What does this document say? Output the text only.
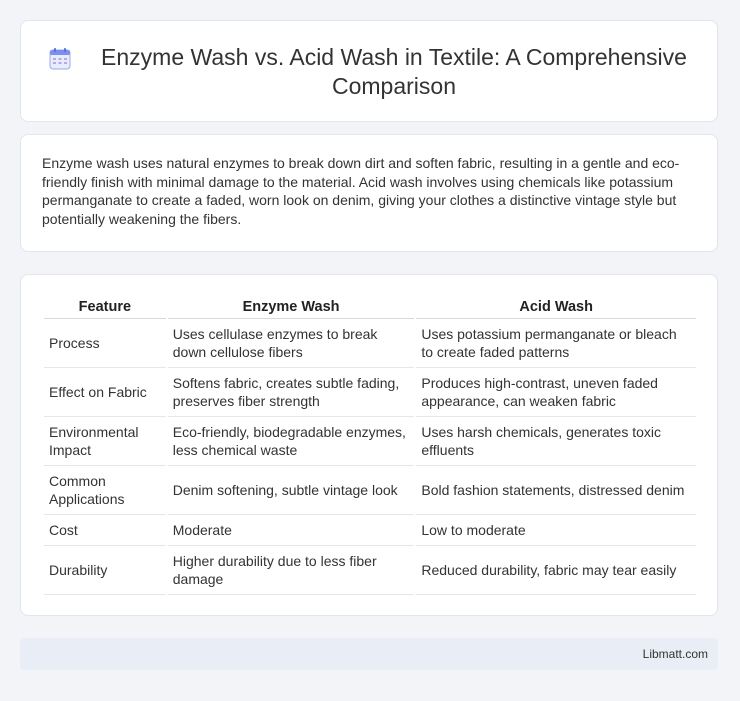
Enzyme Wash vs. Acid Wash in Textile: A Comprehensive Comparison

Enzyme wash uses natural enzymes to break down dirt and soften fabric, resulting in a gentle and eco-friendly finish with minimal damage to the material. Acid wash involves using chemicals like potassium permanganate to create a faded, worn look on denim, giving your clothes a distinctive vintage style but potentially weakening the fibers.

Feature	Enzyme Wash	Acid Wash
Process	Uses cellulase enzymes to break down cellulose fibers	Uses potassium permanganate or bleach to create faded patterns
Effect on Fabric	Softens fabric, creates subtle fading, preserves fiber strength	Produces high-contrast, uneven faded appearance, can weaken fabric
Environmental Impact	Eco-friendly, biodegradable enzymes, less chemical waste	Uses harsh chemicals, generates toxic effluents
Common Applications	Denim softening, subtle vintage look	Bold fashion statements, distressed denim
Cost	Moderate	Low to moderate
Durability	Higher durability due to less fiber damage	Reduced durability, fabric may tear easily
Libmatt.com
